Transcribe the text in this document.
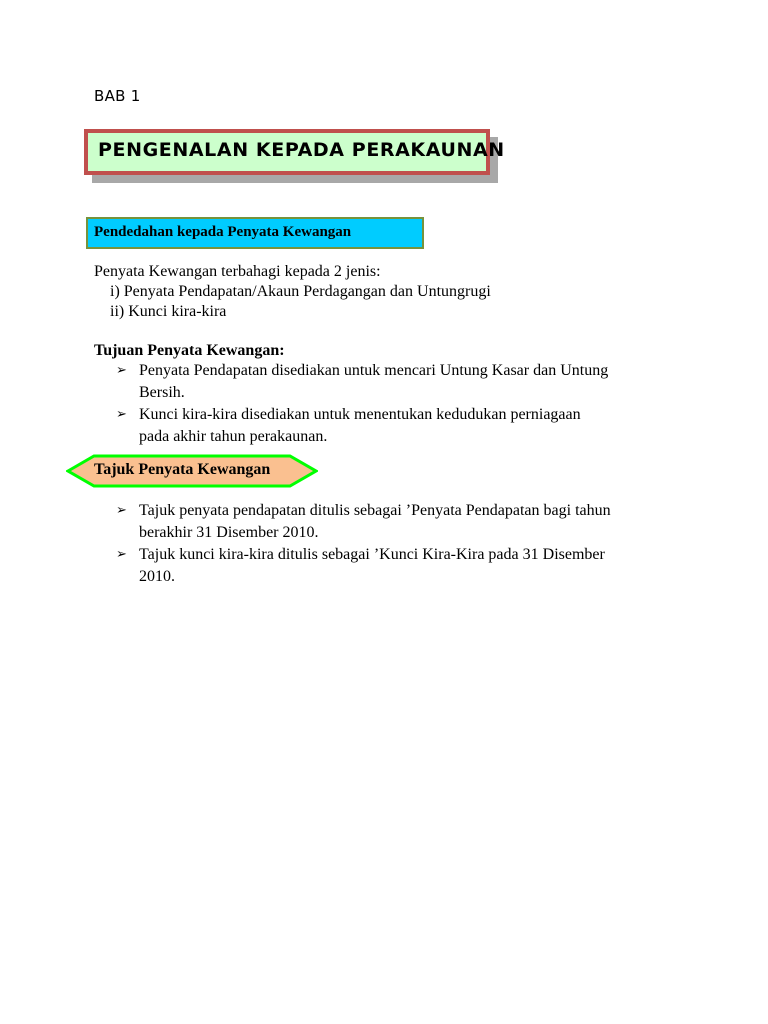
BAB 1
PENGENALAN KEPADA PERAKAUNAN
Pendedahan kepada Penyata Kewangan
Penyata Kewangan terbahagi kepada 2 jenis:
i) Penyata Pendapatan/Akaun Perdagangan dan Untungrugi
ii) Kunci kira-kira
Tujuan Penyata Kewangan:
➢ Penyata Pendapatan disediakan untuk mencari Untung Kasar dan Untung
Bersih.
➢ Kunci kira-kira disediakan untuk menentukan kedudukan perniagaan
pada akhir tahun perakaunan.
Tajuk Penyata Kewangan
➢ Tajuk penyata pendapatan ditulis sebagai ’Penyata Pendapatan bagi tahun
berakhir 31 Disember 2010.
➢ Tajuk kunci kira-kira ditulis sebagai ’Kunci Kira-Kira pada 31 Disember
2010.
